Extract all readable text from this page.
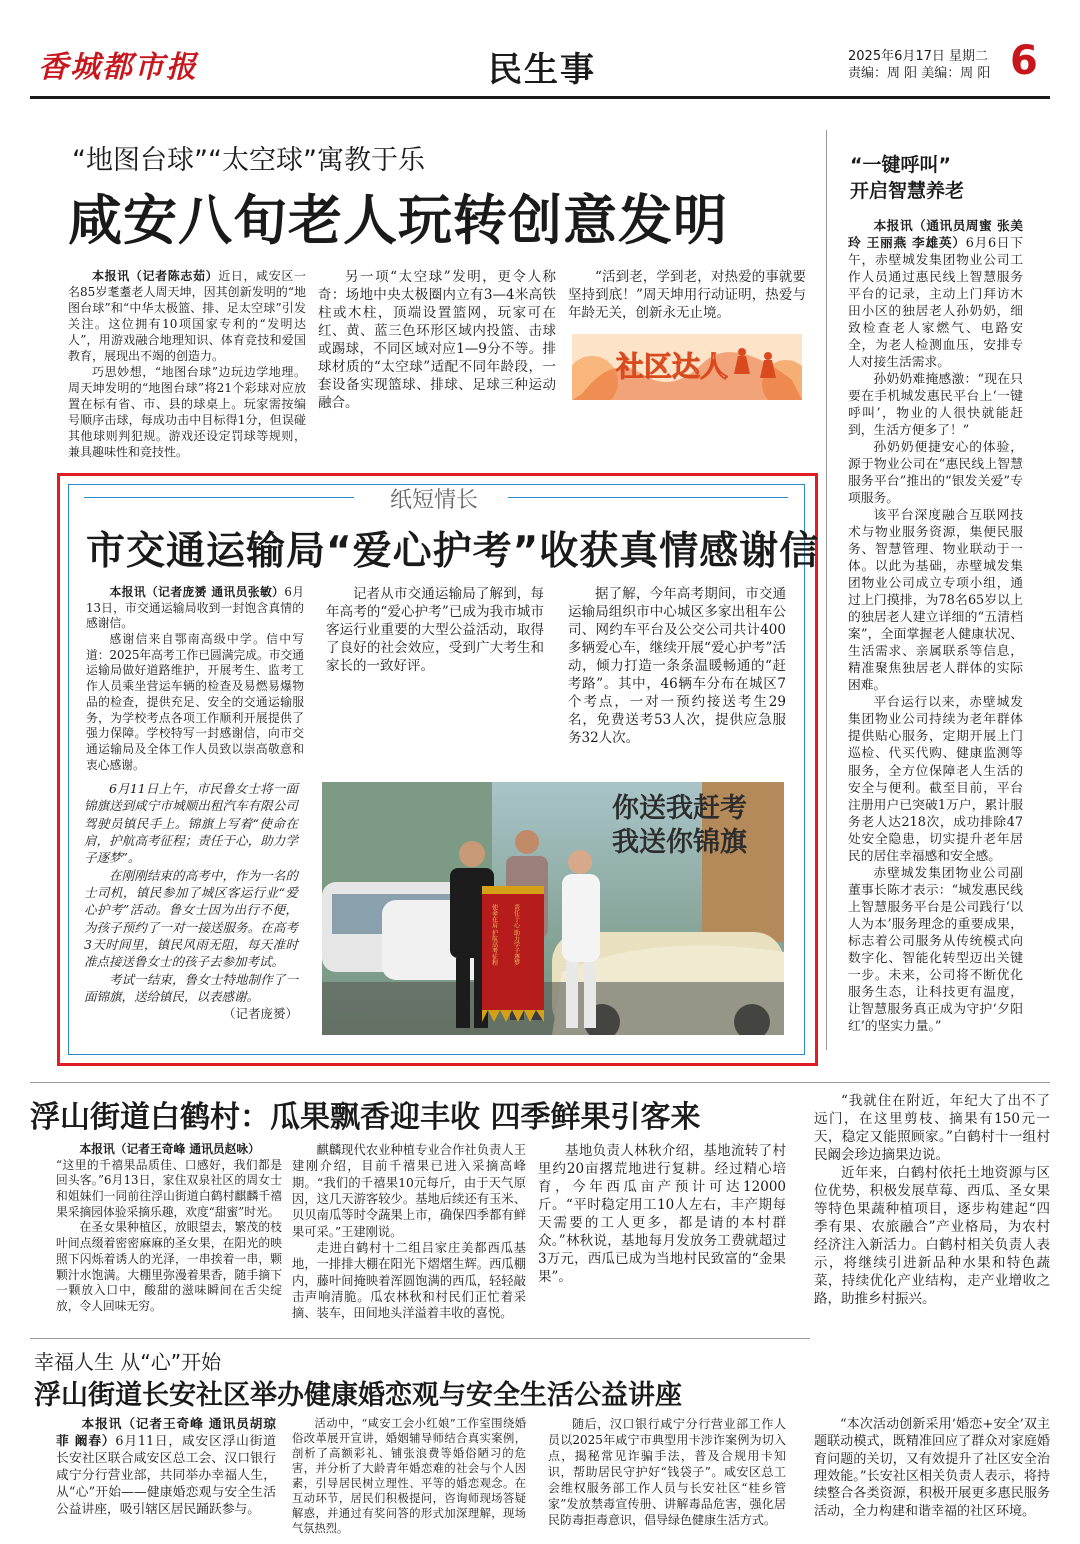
香城都市报	民生事	2025年6月17日 星期二
责编：周 阳 美编：周 阳 6
“地图台球”“太空球”寓教于乐
咸安八旬老人玩转创意发明

本报讯（记者陈志茹）近日，咸安区一名85岁耄耋老人周天坤，因其创新发明的“地图台球”和“中华太极篮、排、足太空球”引发关注。这位拥有10项国家专利的“发明达人”，用游戏融合地理知识、体育竞技和爱国教育，展现出不竭的创造力。

巧思妙想，“地图台球”边玩边学地理。周天坤发明的“地图台球”将21个彩球对应放置在标有省、市、县的球桌上。玩家需按编号顺序击球，每成功击中目标得1分，但误碰其他球则判犯规。游戏还设定罚球等规则，兼具趣味性和竞技性。

另一项“太空球”发明，更令人称奇：场地中央太极圈内立有3—4米高铁柱或木柱，顶端设置篮网，玩家可在红、黄、蓝三色环形区域内投篮、击球或踢球，不同区域对应1—9分不等。排球材质的“太空球”适配不同年龄段，一套设备实现篮球、排球、足球三种运动融合。

“活到老，学到老，对热爱的事就要坚持到底！”周天坤用行动证明，热爱与年龄无关，创新永无止境。

社区达人
“一键呼叫”
开启智慧养老

本报讯（通讯员周蜜 张美玲 王丽燕 李雄英）6月6日下午，赤壁城发集团物业公司工作人员通过惠民线上智慧服务平台的记录，主动上门拜访木田小区的独居老人孙奶奶，细致检查老人家燃气、电路安全，为老人检测血压，安排专人对接生活需求。

孙奶奶难掩感激：“现在只要在手机城发惠民平台上‘一键呼叫’，物业的人很快就能赶到，生活方便多了！”

孙奶奶便捷安心的体验，源于物业公司在“惠民线上智慧服务平台”推出的“银发关爱”专项服务。

该平台深度融合互联网技术与物业服务资源，集便民服务、智慧管理、物业联动于一体。以此为基础，赤壁城发集团物业公司成立专项小组，通过上门摸排，为78名65岁以上的独居老人建立详细的“五清档案”，全面掌握老人健康状况、生活需求、亲属联系等信息，精准聚焦独居老人群体的实际困难。

平台运行以来，赤壁城发集团物业公司持续为老年群体提供贴心服务，定期开展上门巡检、代买代购、健康监测等服务，全方位保障老人生活的安全与便利。截至目前，平台注册用户已突破1万户，累计服务老人达218次，成功排除47处安全隐患，切实提升老年居民的居住幸福感和安全感。

赤壁城发集团物业公司副董事长陈才表示：“城发惠民线上智慧服务平台是公司践行‘以人为本’服务理念的重要成果，标志着公司服务从传统模式向数字化、智能化转型迈出关键一步。未来，公司将不断优化服务生态，让科技更有温度，让智慧服务真正成为守护‘夕阳红’的坚实力量。”

纸短情长
市交通运输局“爱心护考”收获真情感谢信

本报讯（记者庞赟 通讯员张敏）6月13日，市交通运输局收到一封饱含真情的感谢信。

感谢信来自鄂南高级中学。信中写道：2025年高考工作已圆满完成。市交通运输局做好道路维护，开展考生、监考工作人员乘坐营运车辆的检查及易燃易爆物品的检查，提供充足、安全的交通运输服务，为学校考点各项工作顺利开展提供了强力保障。学校特写一封感谢信，向市交通运输局及全体工作人员致以崇高敬意和衷心感谢。

记者从市交通运输局了解到，每年高考的“爱心护考”已成为我市城市客运行业重要的大型公益活动，取得了良好的社会效应，受到广大考生和家长的一致好评。

据了解，今年高考期间，市交通运输局组织市中心城区多家出租车公司、网约车平台及公交公司共计400多辆爱心车，继续开展“爱心护考”活动，倾力打造一条条温暖畅通的“赶考路”。其中，46辆车分布在城区7个考点，一对一预约接送考生29名，免费送考53人次，提供应急服务32人次。

6月11日上午，市民鲁女士将一面锦旗送到咸宁市城顺出租汽车有限公司驾驶员镇民手上。锦旗上写着“使命在肩，护航高考征程；责任于心，助力学子逐梦”。

在刚刚结束的高考中，作为一名的士司机，镇民参加了城区客运行业“爱心护考”活动。鲁女士因为出行不便，为孩子预约了一对一接送服务。在高考3天时间里，镇民风雨无阻，每天准时准点接送鲁女士的孩子去参加考试。

考试一结束，鲁女士特地制作了一面锦旗，送给镇民，以表感谢。

（记者庞赟）

使命在肩 护航高考征程	责任于心 助力学子逐梦
你送我赶考
我送你锦旗
浮山街道白鹤村：瓜果飘香迎丰收 四季鲜果引客来

本报讯（记者王奇峰 通讯员赵咏）

“这里的千禧果品质佳、口感好，我们都是回头客。”6月13日，家住双泉社区的周女士和姐妹们一同前往浮山街道白鹤村麒麟千禧果采摘园体验采摘乐趣，欢度“甜蜜”时光。

在圣女果种植区，放眼望去，繁茂的枝叶间点缀着密密麻麻的圣女果，在阳光的映照下闪烁着诱人的光泽，一串挨着一串，颗颗汁水饱满。大棚里弥漫着果香，随手摘下一颗放入口中，酸甜的滋味瞬间在舌尖绽放，令人回味无穷。

麒麟现代农业种植专业合作社负责人王建刚介绍，目前千禧果已进入采摘高峰期。“我们的千禧果10元每斤，由于天气原因，这几天游客较少。基地后续还有玉米、贝贝南瓜等时令蔬果上市，确保四季都有鲜果可采。”王建刚说。

走进白鹤村十二组吕家庄美都西瓜基地，一排排大棚在阳光下熠熠生辉。西瓜棚内，藤叶间掩映着浑圆饱满的西瓜，轻轻敲击声响清脆。瓜农林秋和村民们正忙着采摘、装车，田间地头洋溢着丰收的喜悦。

基地负责人林秋介绍，基地流转了村里约20亩撂荒地进行复耕。经过精心培育，今年西瓜亩产预计可达12000斤。“平时稳定用工10人左右，丰产期每天需要的工人更多，都是请的本村群众。”林秋说，基地每月发放务工费就超过3万元，西瓜已成为当地村民致富的“金果果”。

“我就住在附近，年纪大了出不了远门，在这里剪枝、摘果有150元一天，稳定又能照顾家。”白鹤村十一组村民阚会珍边摘果边说。

近年来，白鹤村依托土地资源与区位优势，积极发展草莓、西瓜、圣女果等特色果蔬种植项目，逐步构建起“四季有果、农旅融合”产业格局，为农村经济注入新活力。白鹤村相关负责人表示，将继续引进新品种水果和特色蔬菜，持续优化产业结构，走产业增收之路，助推乡村振兴。

幸福人生 从“心”开始
浮山街道长安社区举办健康婚恋观与安全生活公益讲座

本报讯（记者王奇峰 通讯员胡琼菲 阚春）6月11日，咸安区浮山街道长安社区联合咸安区总工会、汉口银行咸宁分行营业部，共同举办幸福人生，从“心”开始——健康婚恋观与安全生活公益讲座，吸引辖区居民踊跃参与。

活动中，“咸安工会小红娘”工作室围绕婚俗改革展开宣讲，婚姻辅导师结合真实案例，剖析了高额彩礼、铺张浪费等婚俗陋习的危害，并分析了大龄青年婚恋难的社会与个人因素，引导居民树立理性、平等的婚恋观念。在互动环节，居民们积极提问，咨询师现场答疑解惑，并通过有奖问答的形式加深理解，现场气氛热烈。

随后，汉口银行咸宁分行营业部工作人员以2025年咸宁市典型用卡涉诈案例为切入点，揭秘常见诈骗手法，普及合规用卡知识，帮助居民守护好“钱袋子”。咸安区总工会维权服务部工作人员与长安社区“桂乡管家”发放禁毒宣传册、讲解毒品危害，强化居民防毒拒毒意识，倡导绿色健康生活方式。

“本次活动创新采用‘婚恋+安全’双主题联动模式，既精准回应了群众对家庭婚育问题的关切，又有效提升了社区安全治理效能。”长安社区相关负责人表示，将持续整合各类资源，积极开展更多惠民服务活动，全力构建和谐幸福的社区环境。
